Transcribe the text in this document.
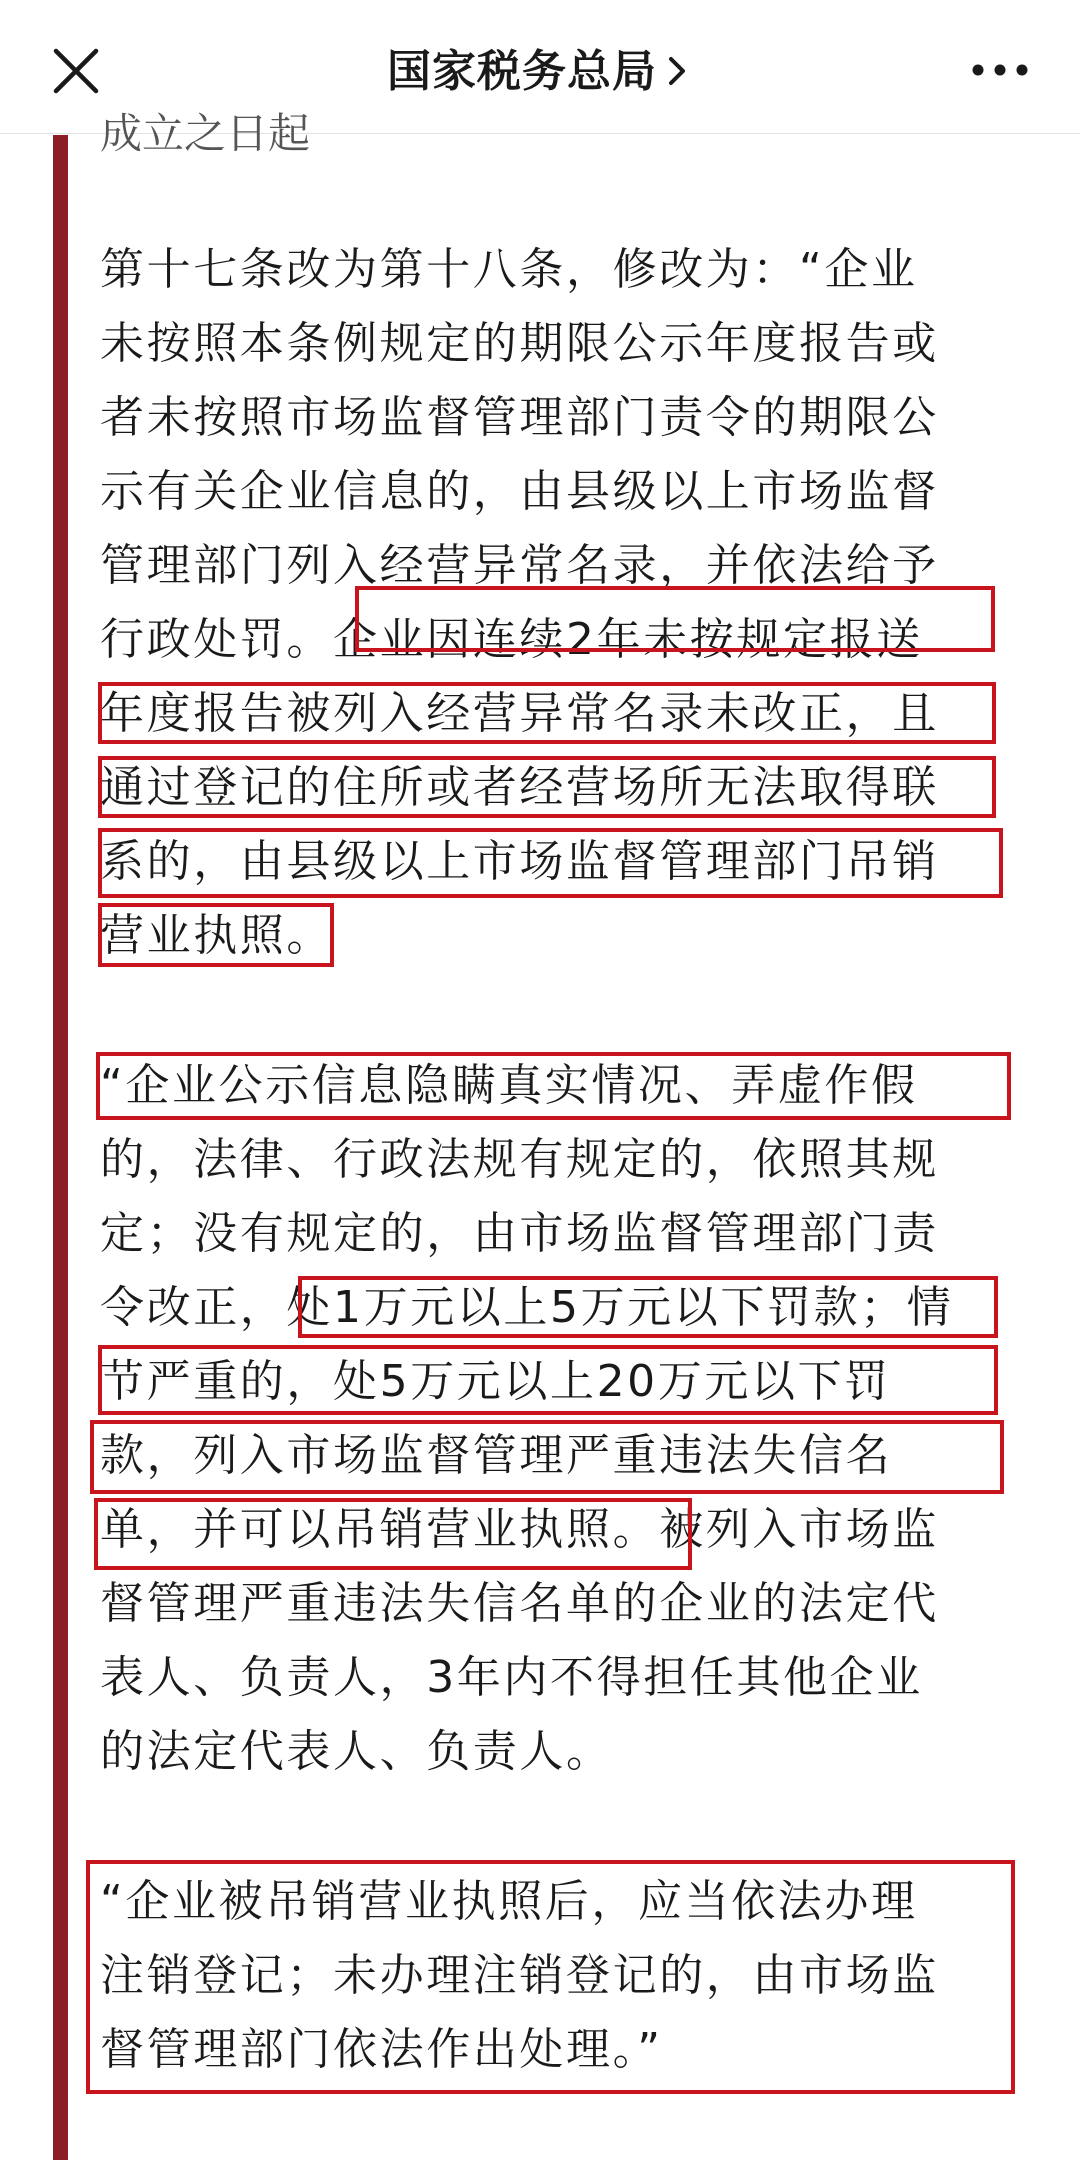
国家税务总局
成立之日起
第十七条改为第十八条，修改为：“企业
未按照本条例规定的期限公示年度报告或
者未按照市场监督管理部门责令的期限公
示有关企业信息的，由县级以上市场监督
管理部门列入经营异常名录，并依法给予
行政处罚。企业因连续2年未按规定报送
年度报告被列入经营异常名录未改正，且
通过登记的住所或者经营场所无法取得联
系的，由县级以上市场监督管理部门吊销
营业执照。
“企业公示信息隐瞒真实情况、弄虚作假
的，法律、行政法规有规定的，依照其规
定；没有规定的，由市场监督管理部门责
令改正，处1万元以上5万元以下罚款；情
节严重的，处5万元以上20万元以下罚
款，列入市场监督管理严重违法失信名
单，并可以吊销营业执照。被列入市场监
督管理严重违法失信名单的企业的法定代
表人、负责人，3年内不得担任其他企业
的法定代表人、负责人。
“企业被吊销营业执照后，应当依法办理
注销登记；未办理注销登记的，由市场监
督管理部门依法作出处理。”
